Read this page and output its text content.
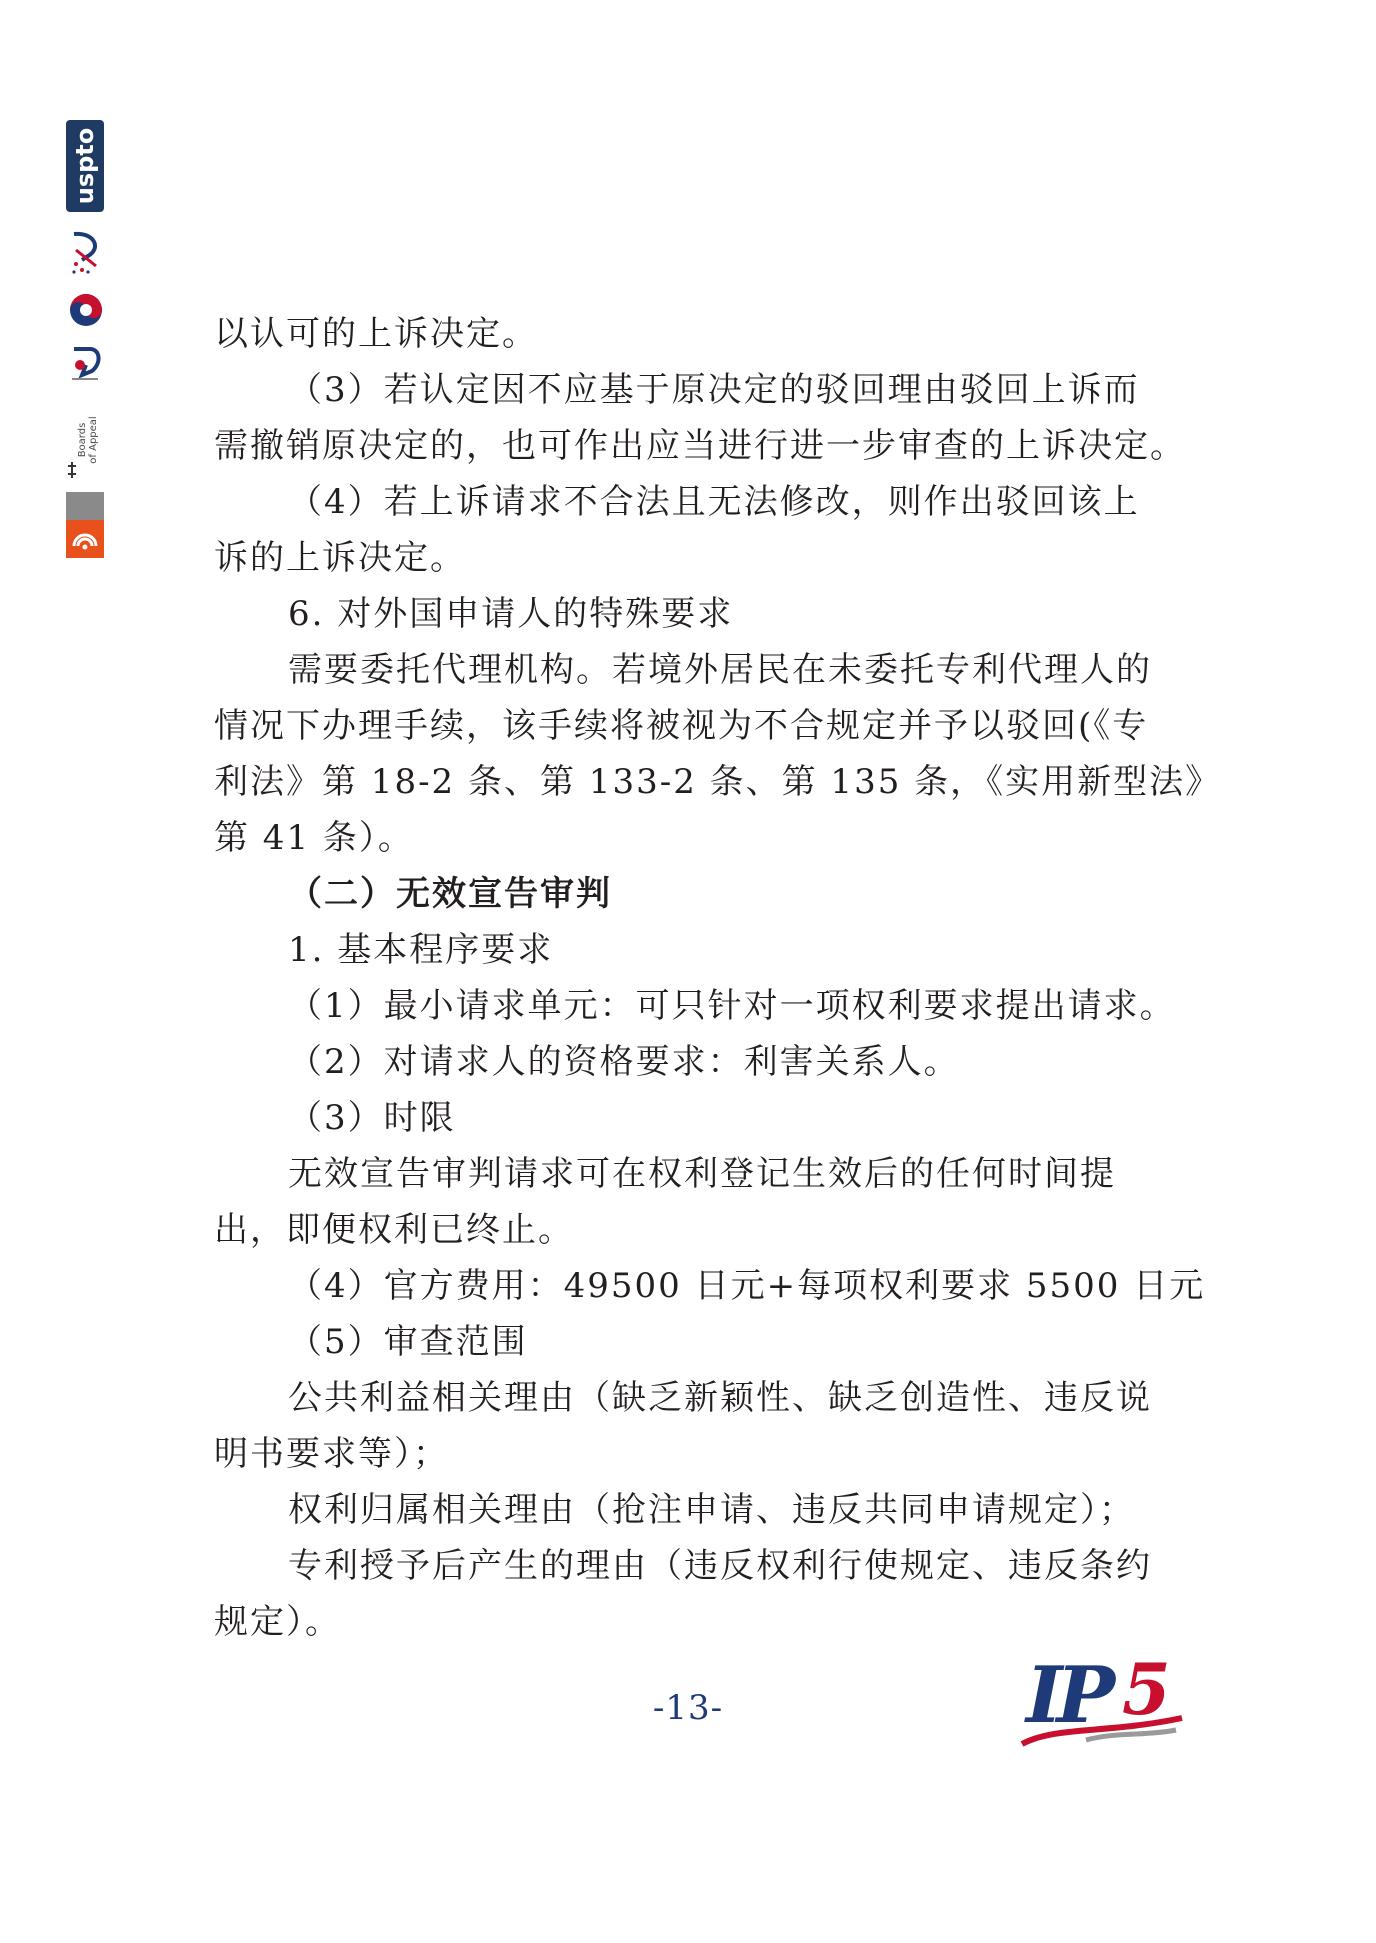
uspto
Boards of Appeal
以认可的上诉决定。
（3）若认定因不应基于原决定的驳回理由驳回上诉而
需撤销原决定的，也可作出应当进行进一步审查的上诉决定。
（4）若上诉请求不合法且无法修改，则作出驳回该上
诉的上诉决定。
6. 对外国申请人的特殊要求
需要委托代理机构。若境外居民在未委托专利代理人的
情况下办理手续，该手续将被视为不合规定并予以驳回(《专
利法》第 18-2 条、第 133-2 条、第 135 条，《实用新型法》
第 41 条）。
（二）无效宣告审判
1. 基本程序要求
（1）最小请求单元：可只针对一项权利要求提出请求。
（2）对请求人的资格要求：利害关系人。
（3）时限
无效宣告审判请求可在权利登记生效后的任何时间提
出，即便权利已终止。
（4）官方费用：49500 日元+每项权利要求 5500 日元
（5）审查范围
公共利益相关理由（缺乏新颖性、缺乏创造性、违反说
明书要求等）；
权利归属相关理由（抢注申请、违反共同申请规定）；
专利授予后产生的理由（违反权利行使规定、违反条约
规定）。
-13-	IP 5
